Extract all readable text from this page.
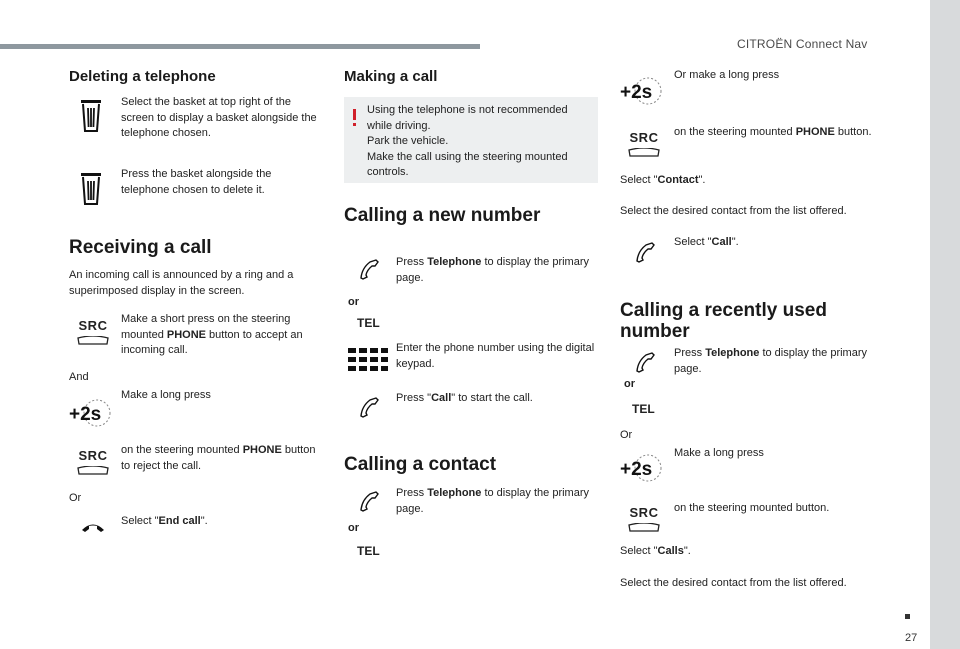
CITROËN Connect Nav
Deleting a telephone

Select the basket at top right of the screen to display a basket alongside the telephone chosen.

Press the basket alongside the telephone chosen to delete it.

Receiving a call

An incoming call is announced by a ring and a superimposed display in the screen.

SRC	Make a short press on the steering mounted PHONE button to accept an incoming call.

And

+2s

Make a long press

SRC	on the steering mounted PHONE button to reject the call.

Or

Select "End call".

Making a call

Using the telephone is not recommended while driving.
Park the vehicle.
Make the call using the steering mounted controls.

Calling a new number
or
TEL

Press Telephone to display the primary page.

Enter the phone number using the digital keypad.

Press "Call" to start the call.

Calling a contact
or
TEL

Press Telephone to display the primary page.

+2s

Or make a long press

SRC	on the steering mounted PHONE button.

Select "Contact".

Select the desired contact from the list offered.

Select "Call".

Calling a recently used number
or
TEL

Press Telephone to display the primary page.

Or

+2s

Make a long press

SRC	on the steering mounted button.

Select "Calls".

Select the desired contact from the list offered.

27
